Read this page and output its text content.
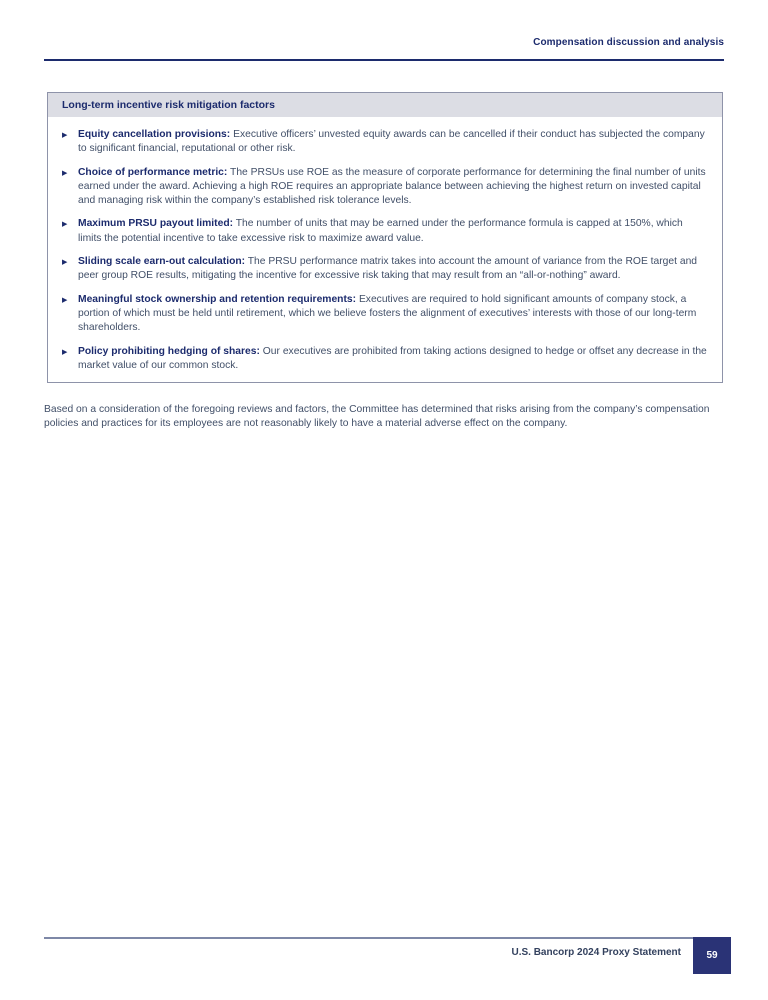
Compensation discussion and analysis
Long-term incentive risk mitigation factors
▶	Equity cancellation provisions: Executive officers’ unvested equity awards can be cancelled if their conduct has subjected the company to significant financial, reputational or other risk.

▶	Choice of performance metric: The PRSUs use ROE as the measure of corporate performance for determining the final number of units earned under the award. Achieving a high ROE requires an appropriate balance between achieving the highest return on invested capital and managing risk within the company’s established risk tolerance levels.

▶	Maximum PRSU payout limited: The number of units that may be earned under the performance formula is capped at 150%, which limits the potential incentive to take excessive risk to maximize award value.

▶	Sliding scale earn-out calculation: The PRSU performance matrix takes into account the amount of variance from the ROE target and peer group ROE results, mitigating the incentive for excessive risk taking that may result from an “all-or-nothing” award.

▶	Meaningful stock ownership and retention requirements: Executives are required to hold significant amounts of company stock, a portion of which must be held until retirement, which we believe fosters the alignment of executives’ interests with those of our long-term shareholders.

▶	Policy prohibiting hedging of shares: Our executives are prohibited from taking actions designed to hedge or offset any decrease in the market value of our common stock.

Based on a consideration of the foregoing reviews and factors, the Committee has determined that risks arising from the company’s compensation policies and practices for its employees are not reasonably likely to have a material adverse effect on the company.

U.S. Bancorp 2024 Proxy Statement	59
